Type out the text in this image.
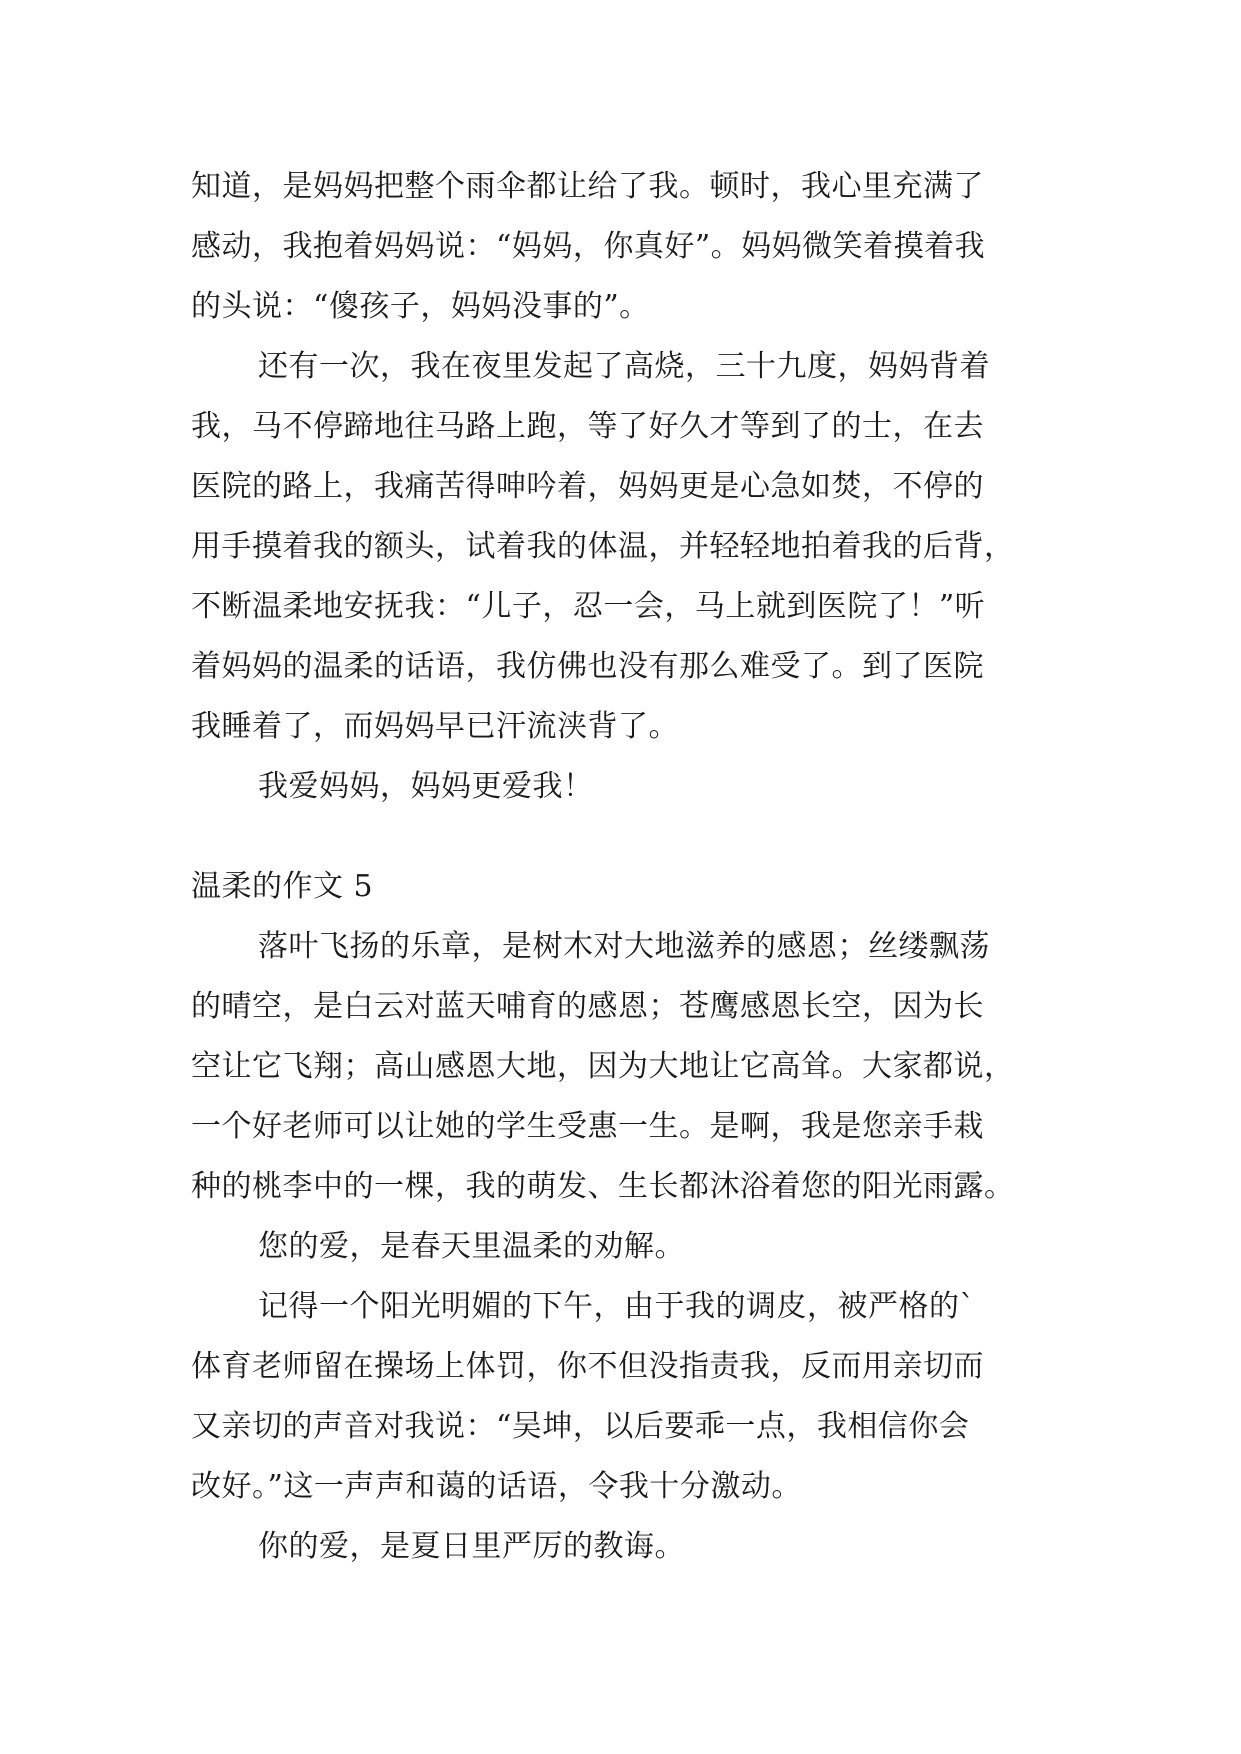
知道，是妈妈把整个雨伞都让给了我。顿时，我心里充满了
感动，我抱着妈妈说：“妈妈，你真好”。妈妈微笑着摸着我
的头说：“傻孩子，妈妈没事的”。
还有一次，我在夜里发起了高烧，三十九度，妈妈背着
我，马不停蹄地往马路上跑，等了好久才等到了的士，在去
医院的路上，我痛苦得呻吟着，妈妈更是心急如焚，不停的
用手摸着我的额头，试着我的体温，并轻轻地拍着我的后背，
不断温柔地安抚我：“儿子，忍一会，马上就到医院了！”听
着妈妈的温柔的话语，我仿佛也没有那么难受了。到了医院
我睡着了，而妈妈早已汗流浃背了。
我爱妈妈，妈妈更爱我！
温柔的作文 5
落叶飞扬的乐章，是树木对大地滋养的感恩；丝缕飘荡
的晴空，是白云对蓝天哺育的感恩；苍鹰感恩长空，因为长
空让它飞翔；高山感恩大地，因为大地让它高耸。大家都说，
一个好老师可以让她的学生受惠一生。是啊，我是您亲手栽
种的桃李中的一棵，我的萌发、生长都沐浴着您的阳光雨露。
您的爱，是春天里温柔的劝解。
记得一个阳光明媚的下午，由于我的调皮，被严格的`
体育老师留在操场上体罚，你不但没指责我，反而用亲切而
又亲切的声音对我说：“吴坤，以后要乖一点，我相信你会
改好。”这一声声和蔼的话语，令我十分激动。
你的爱，是夏日里严厉的教诲。
